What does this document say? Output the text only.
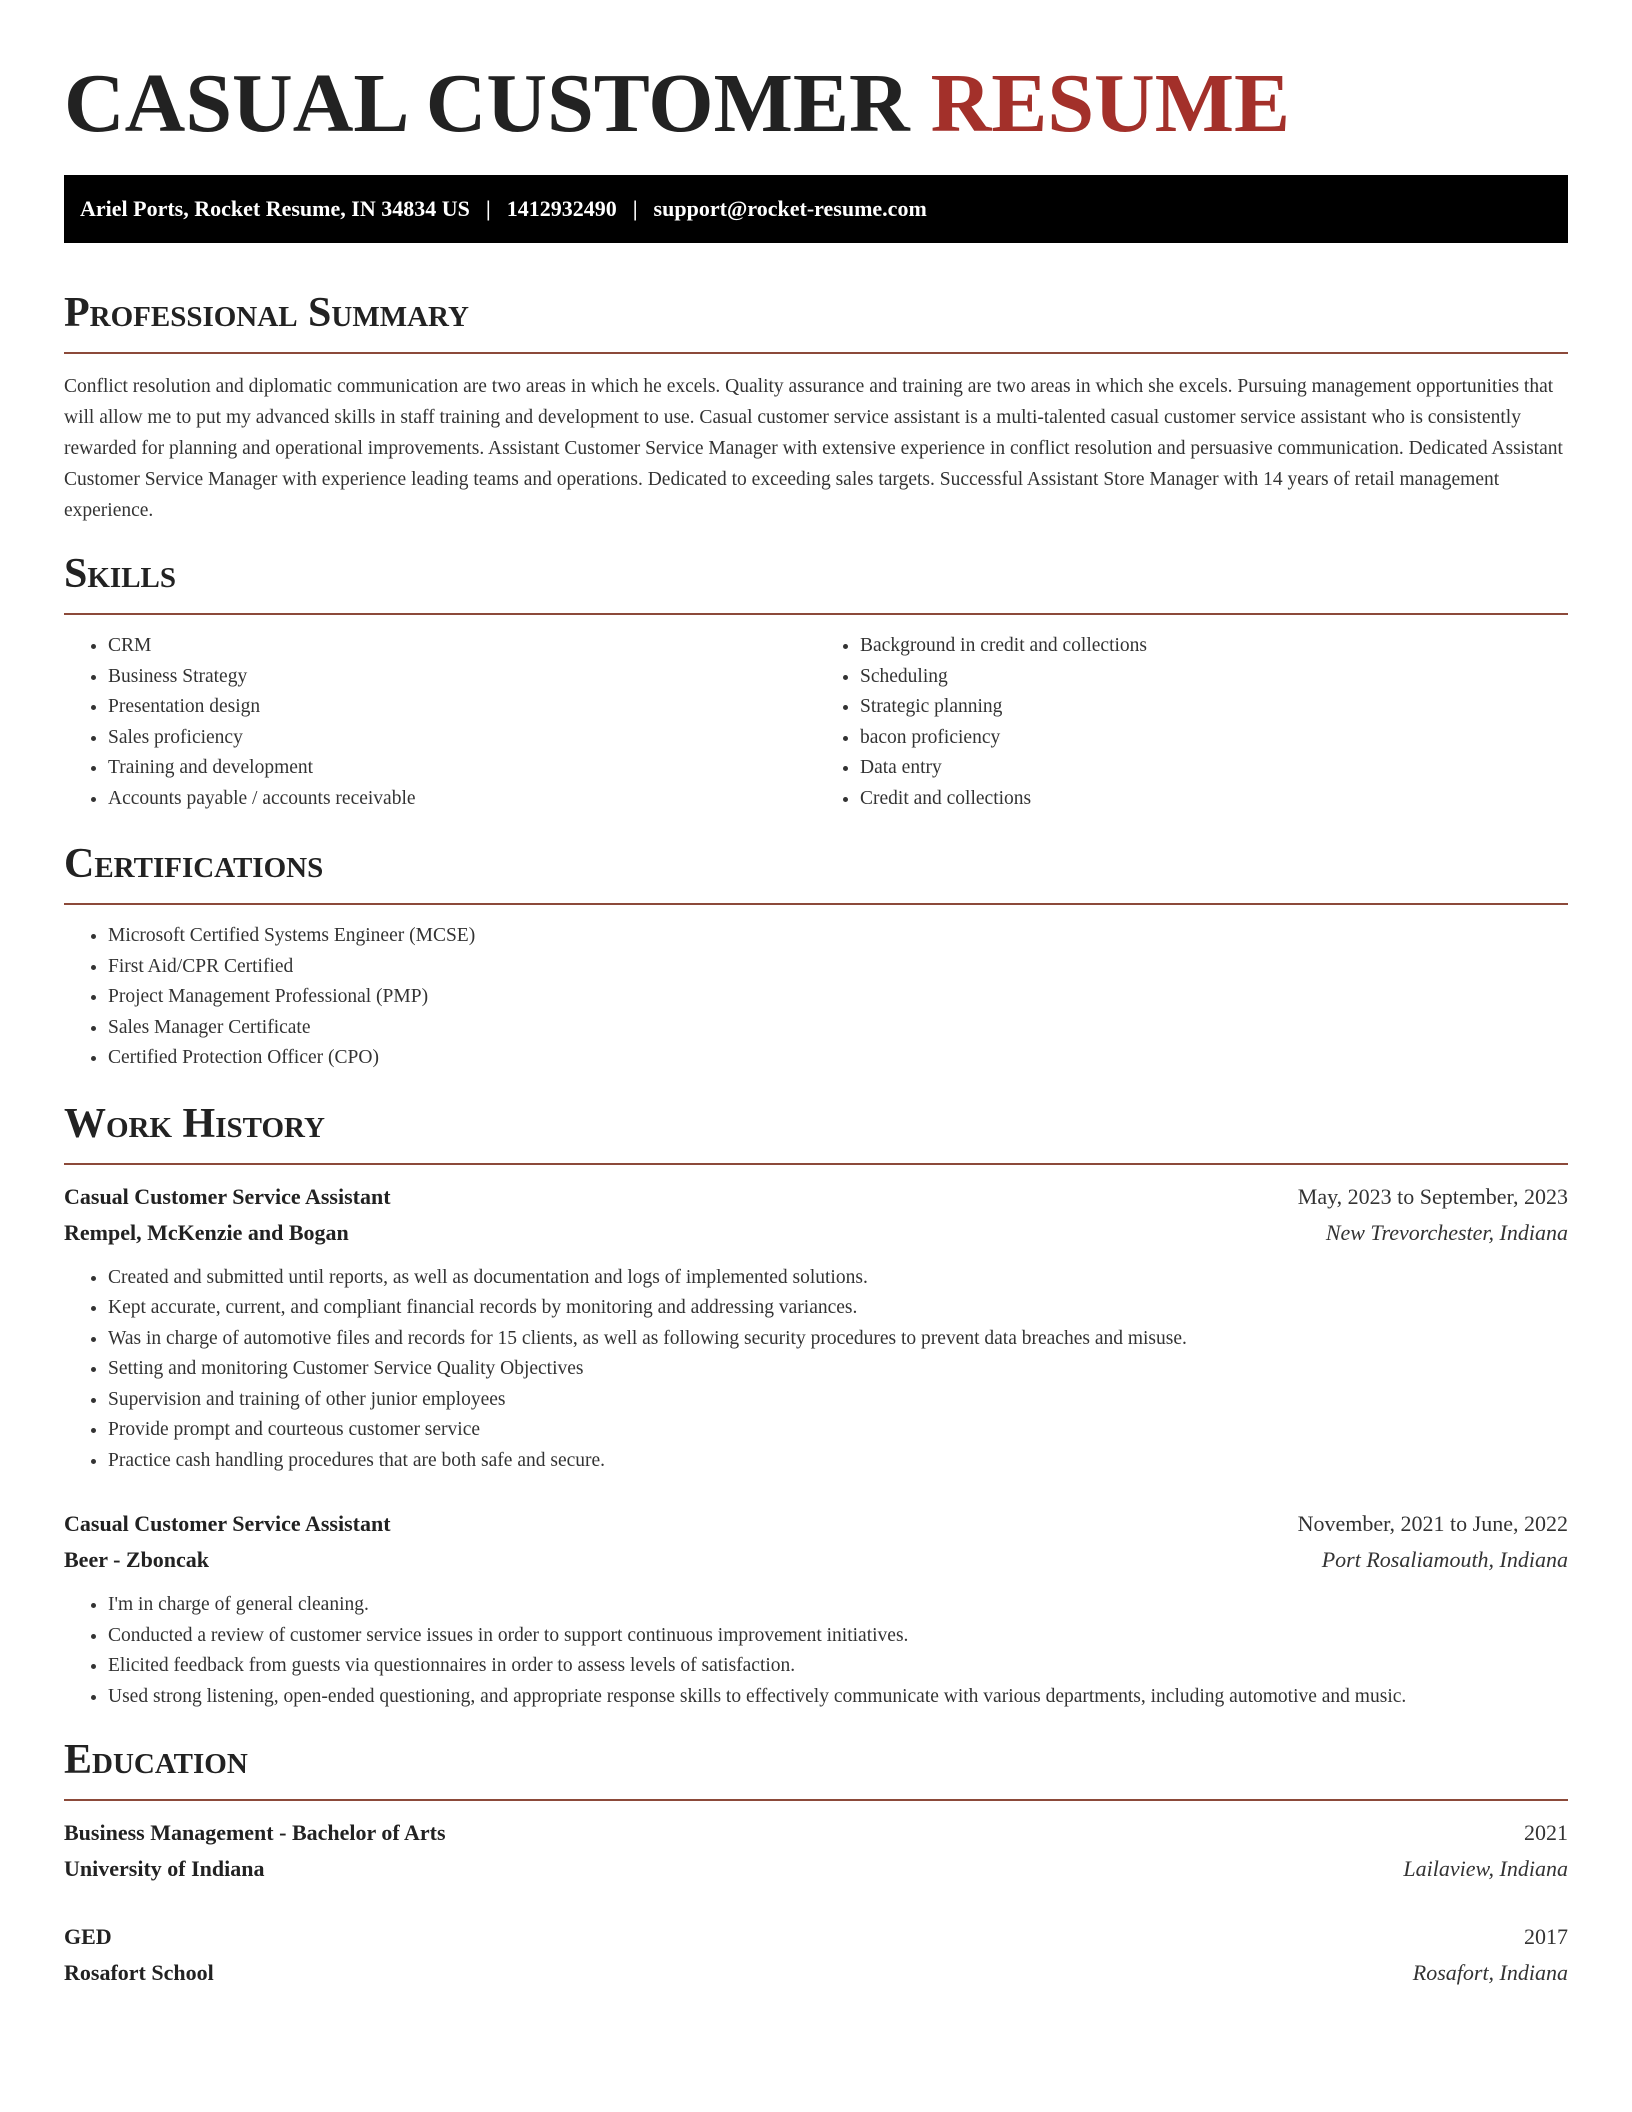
CASUAL CUSTOMER RESUME
Ariel Ports, Rocket Resume, IN 34834 US | 1412932490 | support@rocket-resume.com
Professional Summary

Conflict resolution and diplomatic communication are two areas in which he excels. Quality assurance and training are two areas in which she excels. Pursuing management opportunities that will allow me to put my advanced skills in staff training and development to use. Casual customer service assistant is a multi-talented casual customer service assistant who is consistently rewarded for planning and operational improvements. Assistant Customer Service Manager with extensive experience in conflict resolution and persuasive communication. Dedicated Assistant Customer Service Manager with experience leading teams and operations. Dedicated to exceeding sales targets. Successful Assistant Store Manager with 14 years of retail management experience.

Skills
• CRM
• Business Strategy
• Presentation design
• Sales proficiency
• Training and development
• Accounts payable / accounts receivable
• Background in credit and collections
• Scheduling
• Strategic planning
• bacon proficiency
• Data entry
• Credit and collections
Certifications
• Microsoft Certified Systems Engineer (MCSE)
• First Aid/CPR Certified
• Project Management Professional (PMP)
• Sales Manager Certificate
• Certified Protection Officer (CPO)
Work History
Casual Customer Service Assistant	May, 2023 to September, 2023
Rempel, McKenzie and Bogan	New Trevorchester, Indiana
• Created and submitted until reports, as well as documentation and logs of implemented solutions.
• Kept accurate, current, and compliant financial records by monitoring and addressing variances.
• Was in charge of automotive files and records for 15 clients, as well as following security procedures to prevent data breaches and misuse.
• Setting and monitoring Customer Service Quality Objectives
• Supervision and training of other junior employees
• Provide prompt and courteous customer service
• Practice cash handling procedures that are both safe and secure.
Casual Customer Service Assistant	November, 2021 to June, 2022
Beer - Zboncak	Port Rosaliamouth, Indiana
• I'm in charge of general cleaning.
• Conducted a review of customer service issues in order to support continuous improvement initiatives.
• Elicited feedback from guests via questionnaires in order to assess levels of satisfaction.
• Used strong listening, open-ended questioning, and appropriate response skills to effectively communicate with various departments, including automotive and music.
Education
Business Management - Bachelor of Arts	2021
University of Indiana	Lailaview, Indiana
GED	2017
Rosafort School	Rosafort, Indiana
